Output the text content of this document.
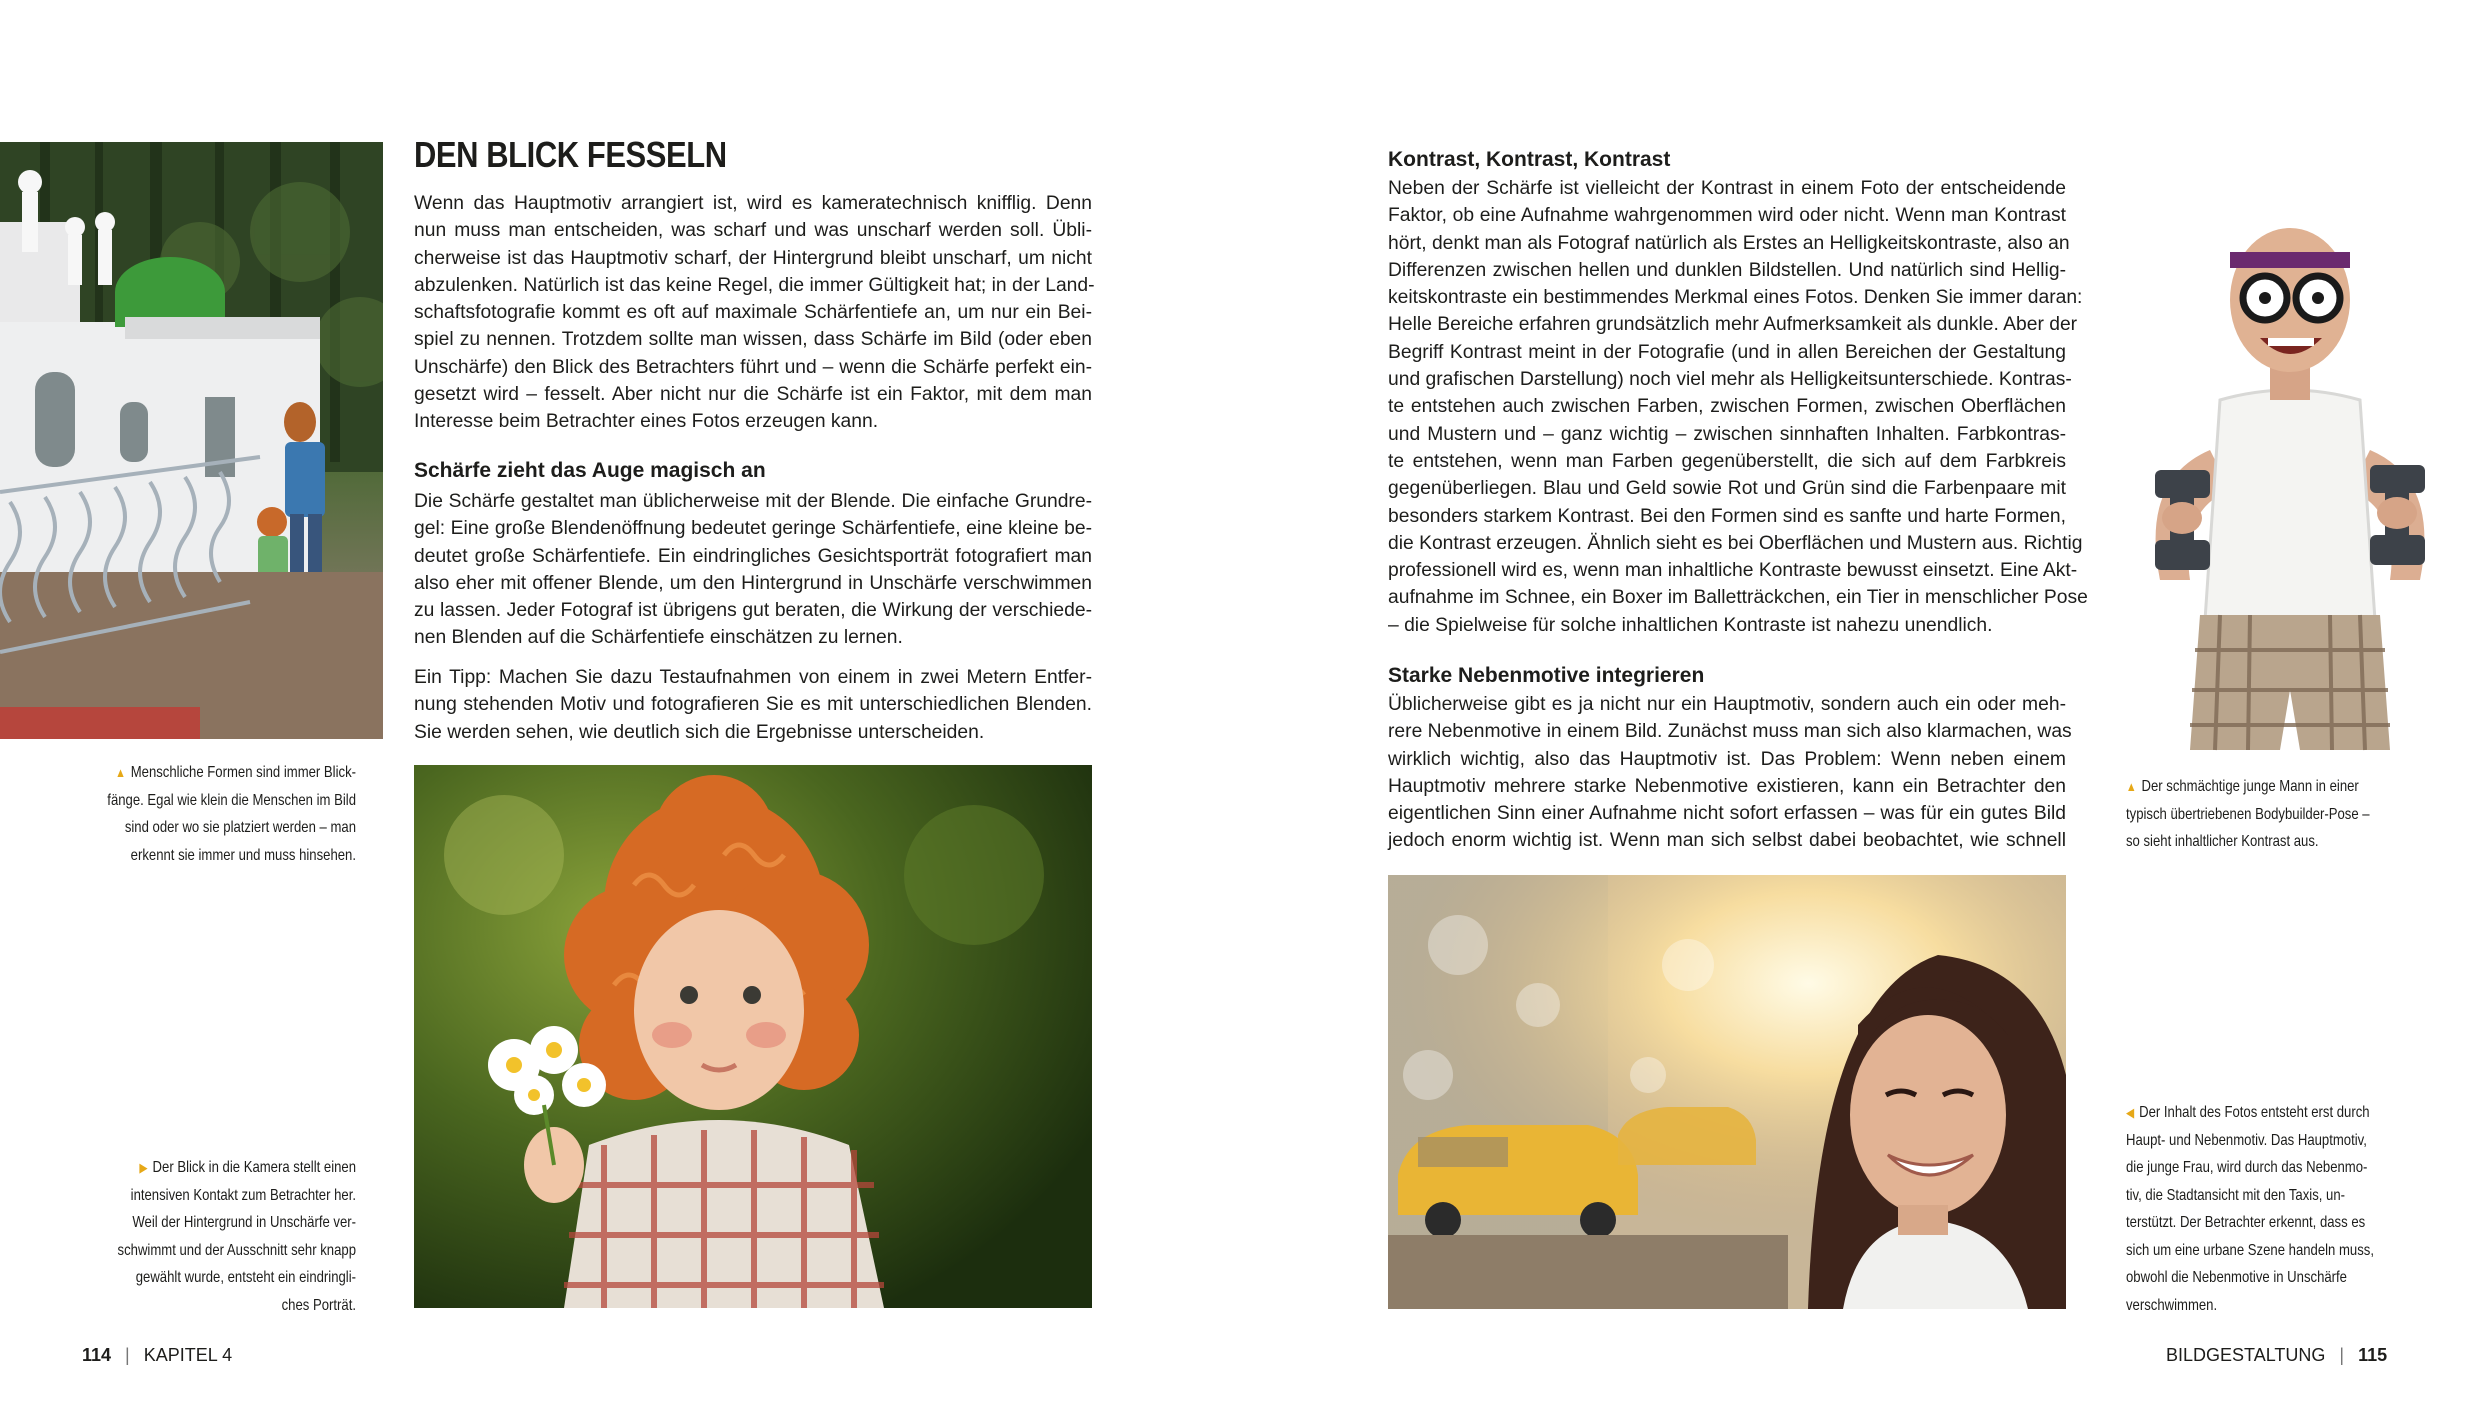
DEN BLICK FESSELN
Wenn das Hauptmotiv arrangiert ist, wird es kameratechnisch knifflig. Denn
nun muss man entscheiden, was scharf und was unscharf werden soll. Übli-
cherweise ist das Hauptmotiv scharf, der Hintergrund bleibt unscharf, um nicht
abzulenken. Natürlich ist das keine Regel, die immer Gültigkeit hat; in der Land-
schaftsfotografie kommt es oft auf maximale Schärfentiefe an, um nur ein Bei-
spiel zu nennen. Trotzdem sollte man wissen, dass Schärfe im Bild (oder eben
Unschärfe) den Blick des Betrachters führt und – wenn die Schärfe perfekt ein-
gesetzt wird – fesselt. Aber nicht nur die Schärfe ist ein Faktor, mit dem man
Interesse beim Betrachter eines Fotos erzeugen kann.
Schärfe zieht das Auge magisch an
Die Schärfe gestaltet man üblicherweise mit der Blende. Die einfache Grundre-
gel: Eine große Blendenöffnung bedeutet geringe Schärfentiefe, eine kleine be-
deutet große Schärfentiefe. Ein eindringliches Gesichtsporträt fotografiert man
also eher mit offener Blende, um den Hintergrund in Unschärfe verschwimmen
zu lassen. Jeder Fotograf ist übrigens gut beraten, die Wirkung der verschiede-
nen Blenden auf die Schärfentiefe einschätzen zu lernen.
Ein Tipp: Machen Sie dazu Testaufnahmen von einem in zwei Metern Entfer-
nung stehenden Motiv und fotografieren Sie es mit unterschiedlichen Blenden.
Sie werden sehen, wie deutlich sich die Ergebnisse unterscheiden.
▲ Menschliche Formen sind immer Blick-
fänge. Egal wie klein die Menschen im Bild
sind oder wo sie platziert werden – man
erkennt sie immer und muss hinsehen.
▶ Der Blick in die Kamera stellt einen
intensiven Kontakt zum Betrachter her.
Weil der Hintergrund in Unschärfe ver-
schwimmt und der Ausschnitt sehr knapp
gewählt wurde, entsteht ein eindringli-
ches Porträt.
114 | KAPITEL 4
Kontrast, Kontrast, Kontrast
Neben der Schärfe ist vielleicht der Kontrast in einem Foto der entscheidende
Faktor, ob eine Aufnahme wahrgenommen wird oder nicht. Wenn man Kontrast
hört, denkt man als Fotograf natürlich als Erstes an Helligkeitskontraste, also an
Differenzen zwischen hellen und dunklen Bildstellen. Und natürlich sind Hellig-
keitskontraste ein bestimmendes Merkmal eines Fotos. Denken Sie immer daran:
Helle Bereiche erfahren grundsätzlich mehr Aufmerksamkeit als dunkle. Aber der
Begriff Kontrast meint in der Fotografie (und in allen Bereichen der Gestaltung
und grafischen Darstellung) noch viel mehr als Helligkeitsunterschiede. Kontras-
te entstehen auch zwischen Farben, zwischen Formen, zwischen Oberflächen
und Mustern und – ganz wichtig – zwischen sinnhaften Inhalten. Farbkontras-
te entstehen, wenn man Farben gegenüberstellt, die sich auf dem Farbkreis
gegenüberliegen. Blau und Geld sowie Rot und Grün sind die Farbenpaare mit
besonders starkem Kontrast. Bei den Formen sind es sanfte und harte Formen,
die Kontrast erzeugen. Ähnlich sieht es bei Oberflächen und Mustern aus. Richtig
professionell wird es, wenn man inhaltliche Kontraste bewusst einsetzt. Eine Akt-
aufnahme im Schnee, ein Boxer im Balletträckchen, ein Tier in menschlicher Pose
– die Spielweise für solche inhaltlichen Kontraste ist nahezu unendlich.
Starke Nebenmotive integrieren
Üblicherweise gibt es ja nicht nur ein Hauptmotiv, sondern auch ein oder meh-
rere Nebenmotive in einem Bild. Zunächst muss man sich also klarmachen, was
wirklich wichtig, also das Hauptmotiv ist. Das Problem: Wenn neben einem
Hauptmotiv mehrere starke Nebenmotive existieren, kann ein Betrachter den
eigentlichen Sinn einer Aufnahme nicht sofort erfassen – was für ein gutes Bild
jedoch enorm wichtig ist. Wenn man sich selbst dabei beobachtet, wie schnell
▲ Der schmächtige junge Mann in einer
typisch übertriebenen Bodybuilder-Pose –
so sieht inhaltlicher Kontrast aus.
◀ Der Inhalt des Fotos entsteht erst durch
Haupt- und Nebenmotiv. Das Hauptmotiv,
die junge Frau, wird durch das Nebenmo-
tiv, die Stadtansicht mit den Taxis, un-
terstützt. Der Betrachter erkennt, dass es
sich um eine urbane Szene handeln muss,
obwohl die Nebenmotive in Unschärfe
verschwimmen.
BILDGESTALTUNG | 115
